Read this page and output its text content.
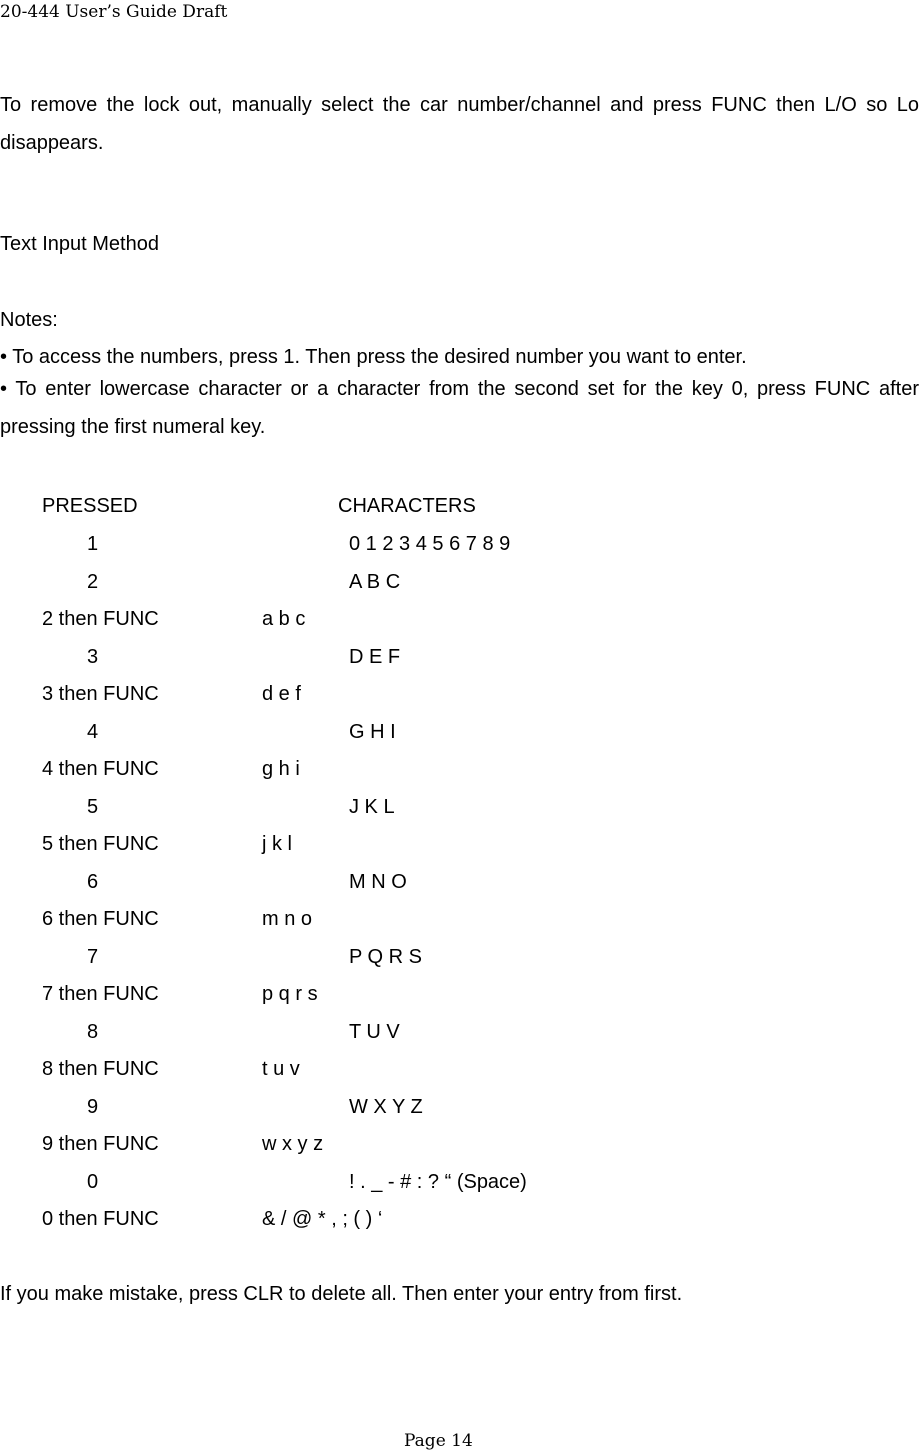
20-444 User’s Guide Draft
To remove the lock out, manually select the car number/channel and press FUNC then L/O so Lo disappears.
Text Input Method
Notes:
• To access the numbers, press 1. Then press the desired number you want to enter.
• To enter lowercase character or a character from the second set for the key 0, press FUNC after pressing the first numeral key.
PRESSED	CHARACTERS
1	0 1 2 3 4 5 6 7 8 9
2	A B C
2 then FUNC	a b c
3	D E F
3 then FUNC	d e f
4	G H I
4 then FUNC	g h i
5	J K L
5 then FUNC	j k l
6	M N O
6 then FUNC	m n o
7	P Q R S
7 then FUNC	p q r s
8	T U V
8 then FUNC	t u v
9	W X Y Z
9 then FUNC	w x y z
0	! . _ - # : ? “ (Space)
0 then FUNC	& / @ * , ; ( ) ‘
If you make mistake, press CLR to delete all. Then enter your entry from first.
Page 14
